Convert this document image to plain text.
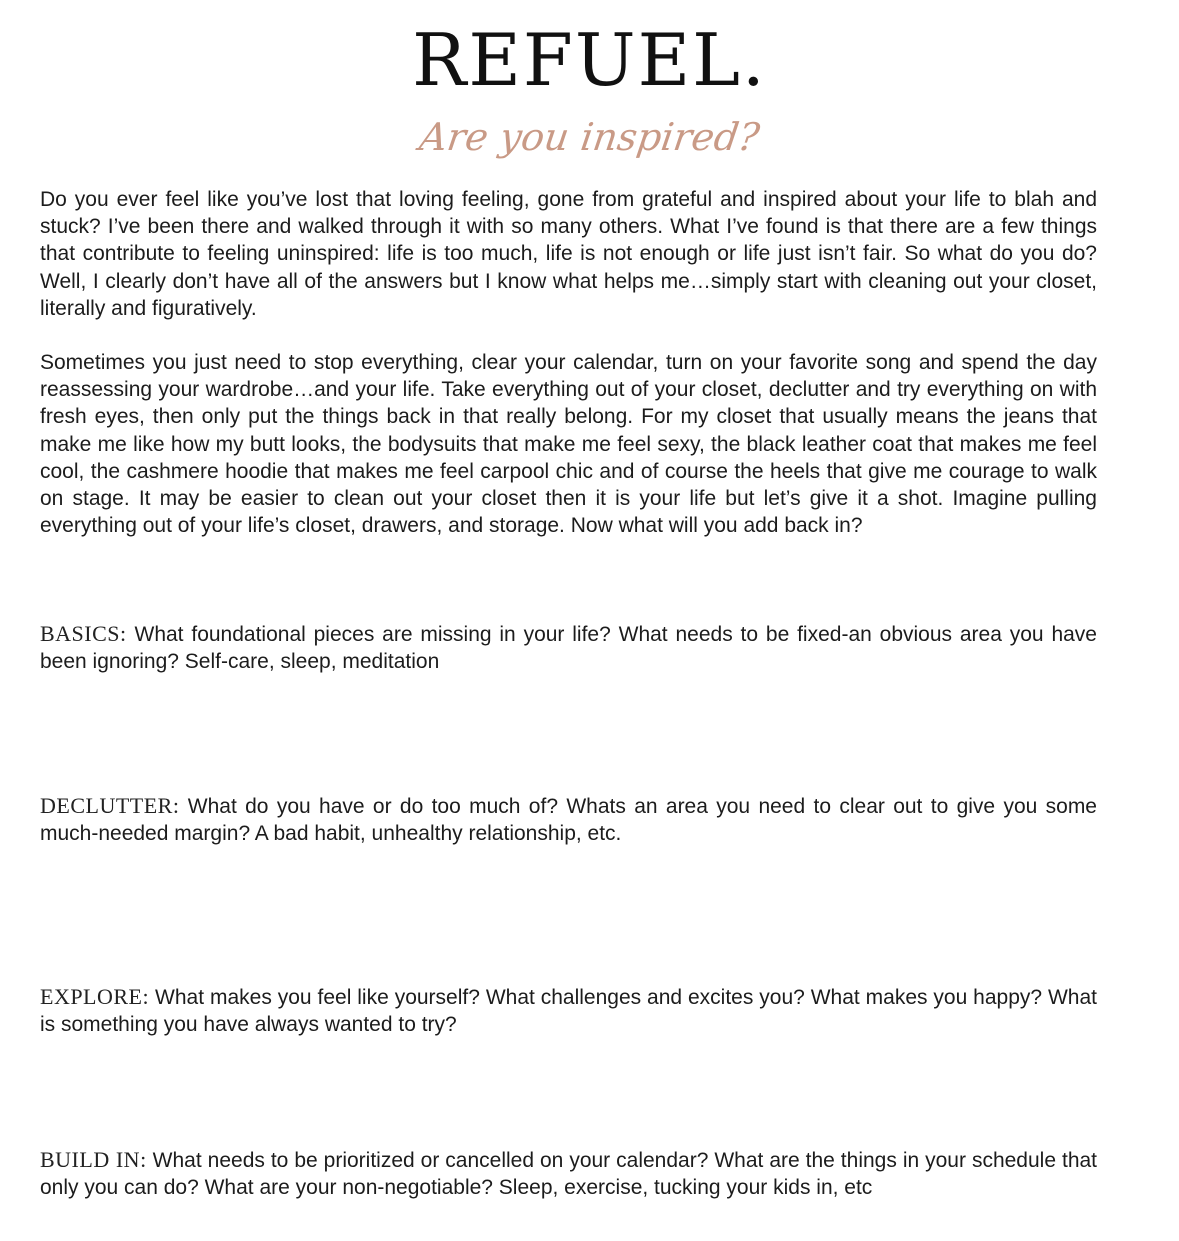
REFUEL.
Are you inspired?

Do you ever feel like you’ve lost that loving feeling, gone from grateful and inspired about your life to blah and stuck? I’ve been there and walked through it with so many others. What I’ve found is that there are a few things that contribute to feeling uninspired: life is too much, life is not enough or life just isn’t fair. So what do you do? Well, I clearly don’t have all of the answers but I know what helps me…simply start with cleaning out your closet, literally and figuratively.

Sometimes you just need to stop everything, clear your calendar, turn on your favorite song and spend the day reassessing your wardrobe…and your life. Take everything out of your closet, declutter and try everything on with fresh eyes, then only put the things back in that really belong. For my closet that usually means the jeans that make me like how my butt looks, the bodysuits that make me feel sexy, the black leather coat that makes me feel cool, the cashmere hoodie that makes me feel carpool chic and of course the heels that give me courage to walk on stage. It may be easier to clean out your closet then it is your life but let’s give it a shot. Imagine pulling everything out of your life’s closet, drawers, and storage. Now what will you add back in?

BASICS: What foundational pieces are missing in your life? What needs to be fixed-an obvious area you have been ignoring? Self-care, sleep, meditation

DECLUTTER: What do you have or do too much of? Whats an area you need to clear out to give you some much-needed margin? A bad habit, unhealthy relationship, etc.

EXPLORE: What makes you feel like yourself? What challenges and excites you? What makes you happy? What is something you have always wanted to try?

BUILD IN: What needs to be prioritized or cancelled on your calendar? What are the things in your schedule that only you can do? What are your non-negotiable? Sleep, exercise, tucking your kids in, etc
